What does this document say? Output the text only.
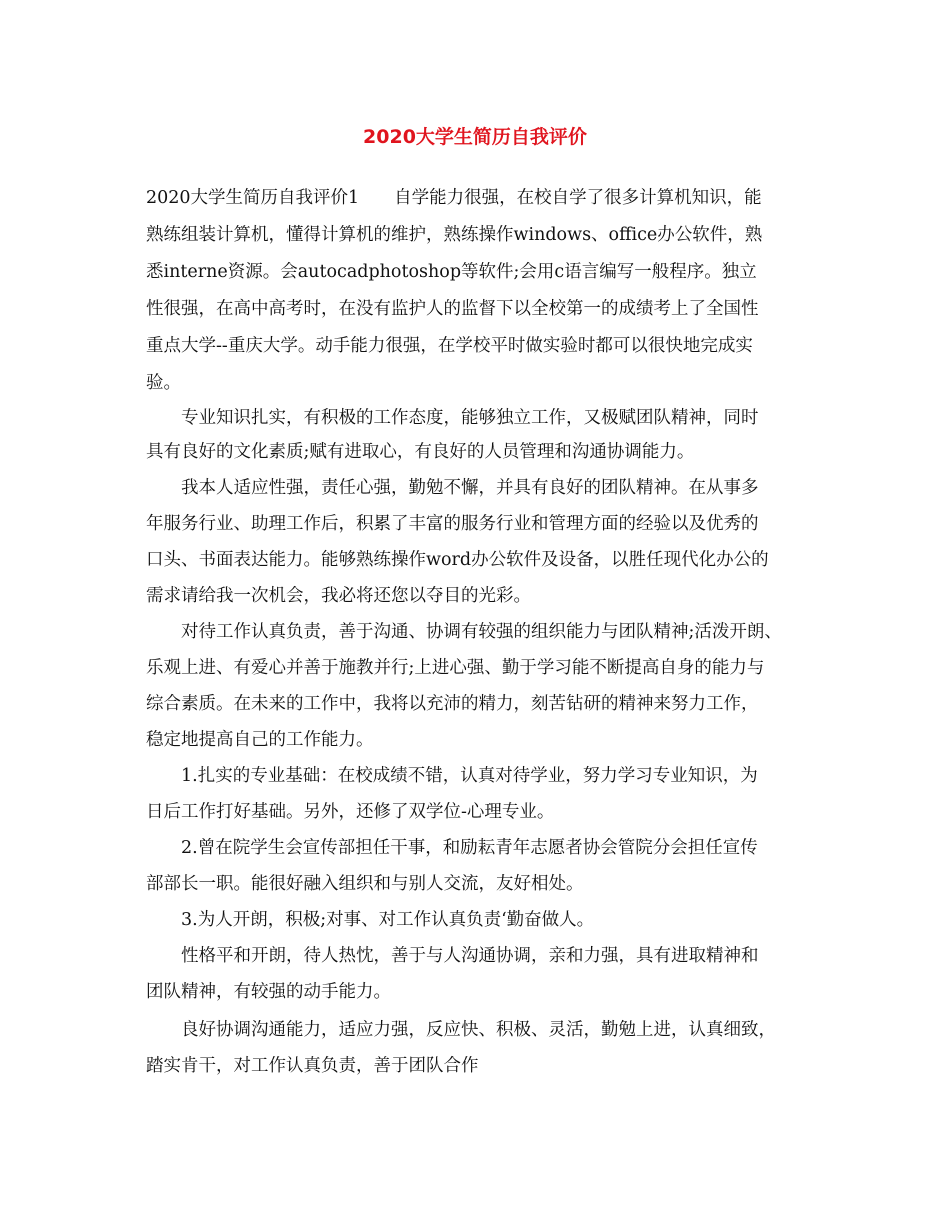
2020大学生简历自我评价

2020大学生简历自我评价1　　自学能力很强，在校自学了很多计算机知识，能

熟练组装计算机，懂得计算机的维护，熟练操作windows、office办公软件，熟

悉interne资源。会autocadphotoshop等软件;会用c语言编写一般程序。独立

性很强，在高中高考时，在没有监护人的监督下以全校第一的成绩考上了全国性

重点大学--重庆大学。动手能力很强，在学校平时做实验时都可以很快地完成实

验。

专业知识扎实，有积极的工作态度，能够独立工作，又极赋团队精神，同时

具有良好的文化素质;赋有进取心，有良好的人员管理和沟通协调能力。

我本人适应性强，责任心强，勤勉不懈，并具有良好的团队精神。在从事多

年服务行业、助理工作后，积累了丰富的服务行业和管理方面的经验以及优秀的

口头、书面表达能力。能够熟练操作word办公软件及设备，以胜任现代化办公的

需求请给我一次机会，我必将还您以夺目的光彩。

对待工作认真负责，善于沟通、协调有较强的组织能力与团队精神;活泼开朗、

乐观上进、有爱心并善于施教并行;上进心强、勤于学习能不断提高自身的能力与

综合素质。在未来的工作中，我将以充沛的精力，刻苦钻研的精神来努力工作，

稳定地提高自己的工作能力。

1.扎实的专业基础：在校成绩不错，认真对待学业，努力学习专业知识，为

日后工作打好基础。另外，还修了双学位-心理专业。

2.曾在院学生会宣传部担任干事，和励耘青年志愿者协会管院分会担任宣传

部部长一职。能很好融入组织和与别人交流，友好相处。

3.为人开朗，积极;对事、对工作认真负责‘勤奋做人。

性格平和开朗，待人热忱，善于与人沟通协调，亲和力强，具有进取精神和

团队精神，有较强的动手能力。

良好协调沟通能力，适应力强，反应快、积极、灵活，勤勉上进，认真细致，

踏实肯干，对工作认真负责，善于团队合作
